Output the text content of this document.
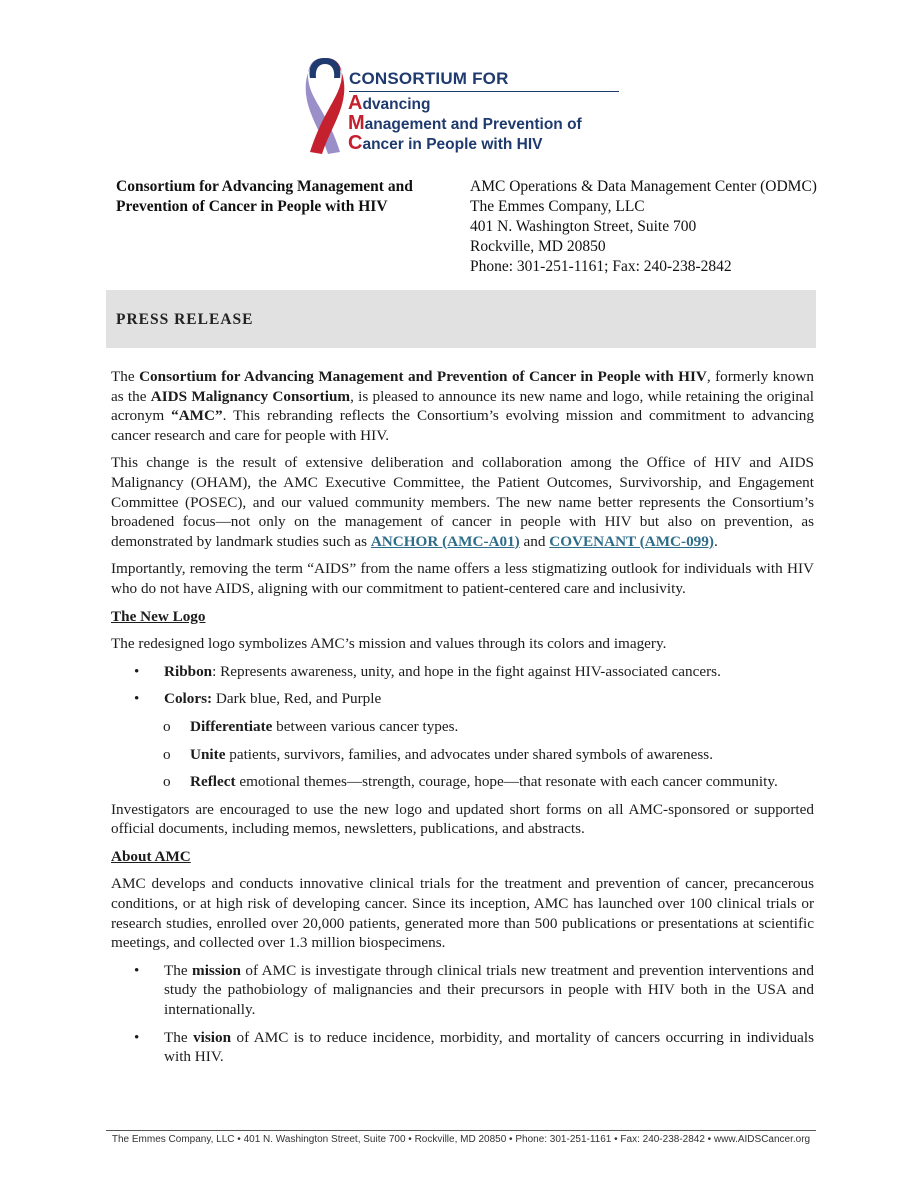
CONSORTIUM FOR
Advancing
Management and Prevention of
Cancer in People with HIV
Consortium for Advancing Management and Prevention of Cancer in People with HIV
AMC Operations & Data Management Center (ODMC)
The Emmes Company, LLC
401 N. Washington Street, Suite 700
Rockville, MD 20850
Phone: 301-251-1161; Fax: 240-238-2842
PRESS RELEASE

The Consortium for Advancing Management and Prevention of Cancer in People with HIV, formerly known as the AIDS Malignancy Consortium, is pleased to announce its new name and logo, while retaining the original acronym “AMC”. This rebranding reflects the Consortium’s evolving mission and commitment to advancing cancer research and care for people with HIV.

This change is the result of extensive deliberation and collaboration among the Office of HIV and AIDS Malignancy (OHAM), the AMC Executive Committee, the Patient Outcomes, Survivorship, and Engagement Committee (POSEC), and our valued community members. The new name better represents the Consortium’s broadened focus—not only on the management of cancer in people with HIV but also on prevention, as demonstrated by landmark studies such as ANCHOR (AMC-A01) and COVENANT (AMC-099).

Importantly, removing the term “AIDS” from the name offers a less stigmatizing outlook for individuals with HIV who do not have AIDS, aligning with our commitment to patient-centered care and inclusivity.

The New Logo

The redesigned logo symbolizes AMC’s mission and values through its colors and imagery.

• Ribbon: Represents awareness, unity, and hope in the fight against HIV-associated cancers.
• Colors: Dark blue, Red, and Purple
o Differentiate between various cancer types.
o Unite patients, survivors, families, and advocates under shared symbols of awareness.
o Reflect emotional themes—strength, courage, hope—that resonate with each cancer community.

Investigators are encouraged to use the new logo and updated short forms on all AMC-sponsored or supported official documents, including memos, newsletters, publications, and abstracts.

About AMC

AMC develops and conducts innovative clinical trials for the treatment and prevention of cancer, precancerous conditions, or at high risk of developing cancer. Since its inception, AMC has launched over 100 clinical trials or research studies, enrolled over 20,000 patients, generated more than 500 publications or presentations at scientific meetings, and collected over 1.3 million biospecimens.

• The mission of AMC is investigate through clinical trials new treatment and prevention interventions and study the pathobiology of malignancies and their precursors in people with HIV both in the USA and internationally.
• The vision of AMC is to reduce incidence, morbidity, and mortality of cancers occurring in individuals with HIV.
The Emmes Company, LLC • 401 N. Washington Street, Suite 700 • Rockville, MD 20850 • Phone: 301-251-1161 • Fax: 240-238-2842 • www.AIDSCancer.org
